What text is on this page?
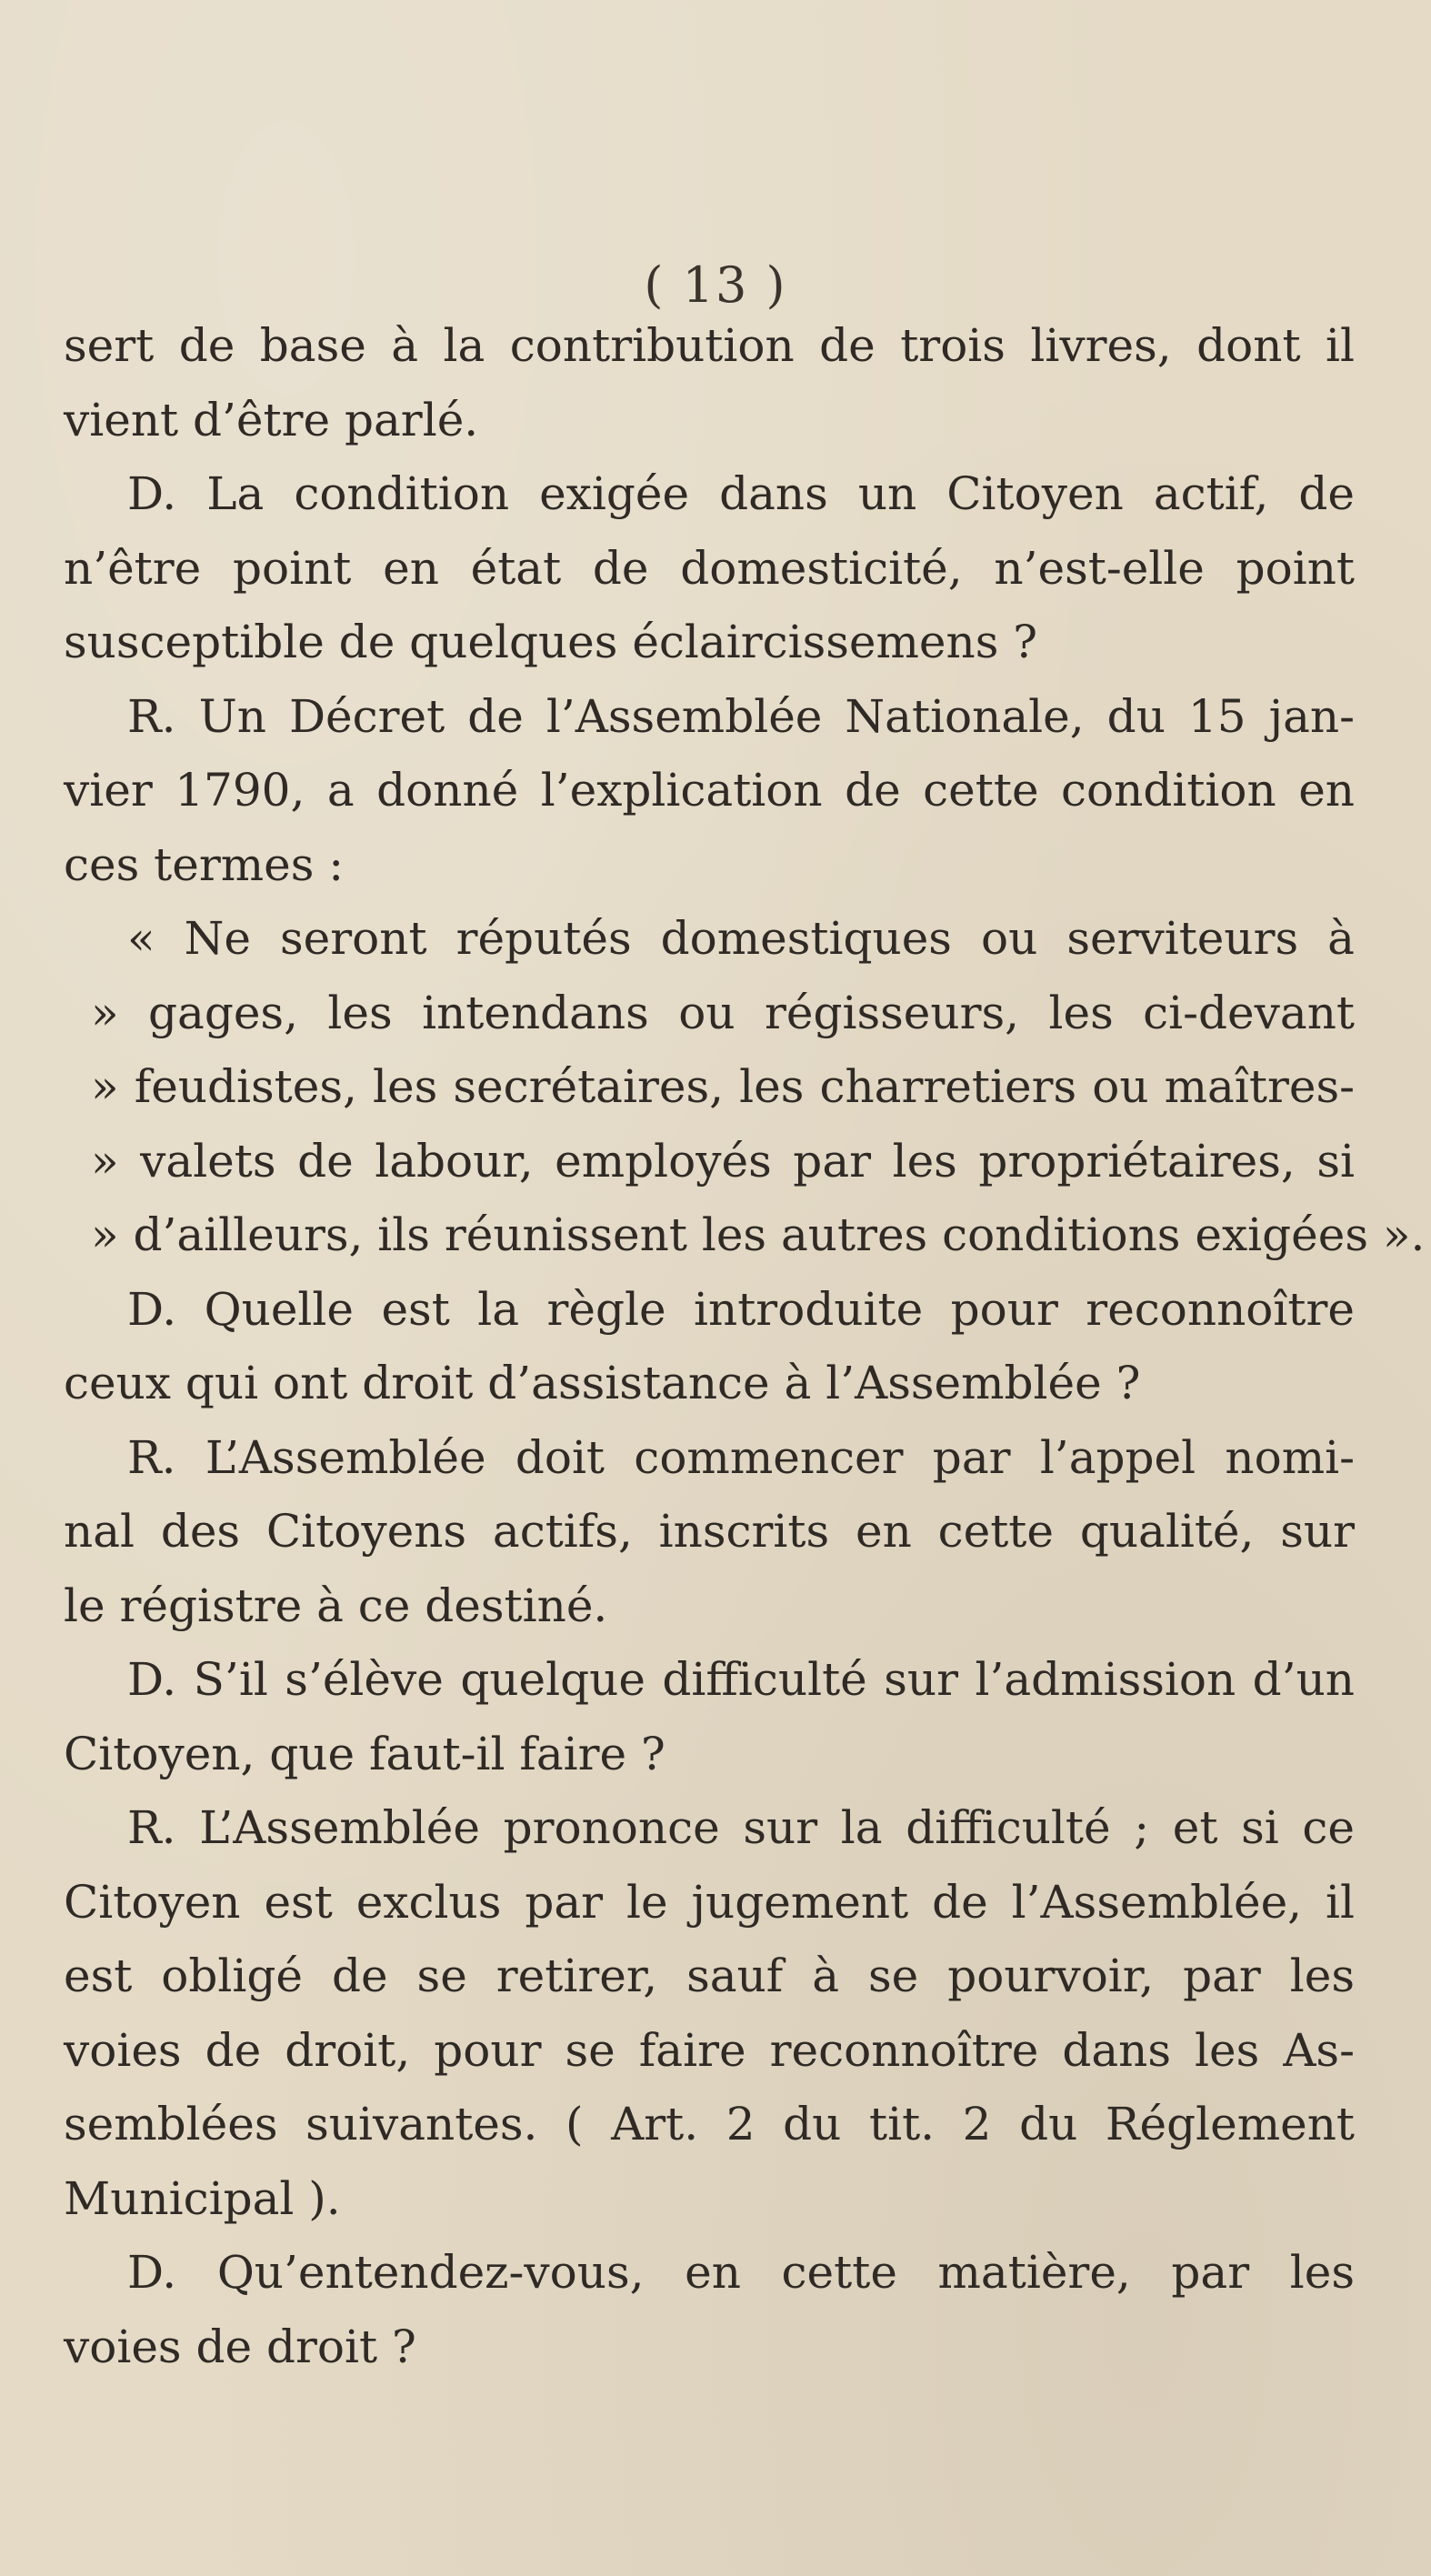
( 13 )
sert de base à la contribution de trois livres, dont il
vient d’être parlé.
D. La condition exigée dans un Citoyen actif, de
n’être point en état de domesticité, n’est-elle point
susceptible de quelques éclaircissemens ?
R. Un Décret de l’Assemblée Nationale, du 15 jan-
vier 1790, a donné l’explication de cette condition en
ces termes :
« Ne seront réputés domestiques ou serviteurs à
» gages, les intendans ou régisseurs, les ci-devant
» feudistes, les secrétaires, les charretiers ou maîtres-
» valets de labour, employés par les propriétaires, si
» d’ailleurs, ils réunissent les autres conditions exigées ».
D. Quelle est la règle introduite pour reconnoître
ceux qui ont droit d’assistance à l’Assemblée ?
R. L’Assemblée doit commencer par l’appel nomi-
nal des Citoyens actifs, inscrits en cette qualité, sur
le régistre à ce destiné.
D. S’il s’élève quelque difficulté sur l’admission d’un
Citoyen, que faut-il faire ?
R. L’Assemblée prononce sur la difficulté ; et si ce
Citoyen est exclus par le jugement de l’Assemblée, il
est obligé de se retirer, sauf à se pourvoir, par les
voies de droit, pour se faire reconnoître dans les As-
semblées suivantes. ( Art. 2 du tit. 2 du Réglement
Municipal ).
D. Qu’entendez-vous, en cette matière, par les
voies de droit ?
